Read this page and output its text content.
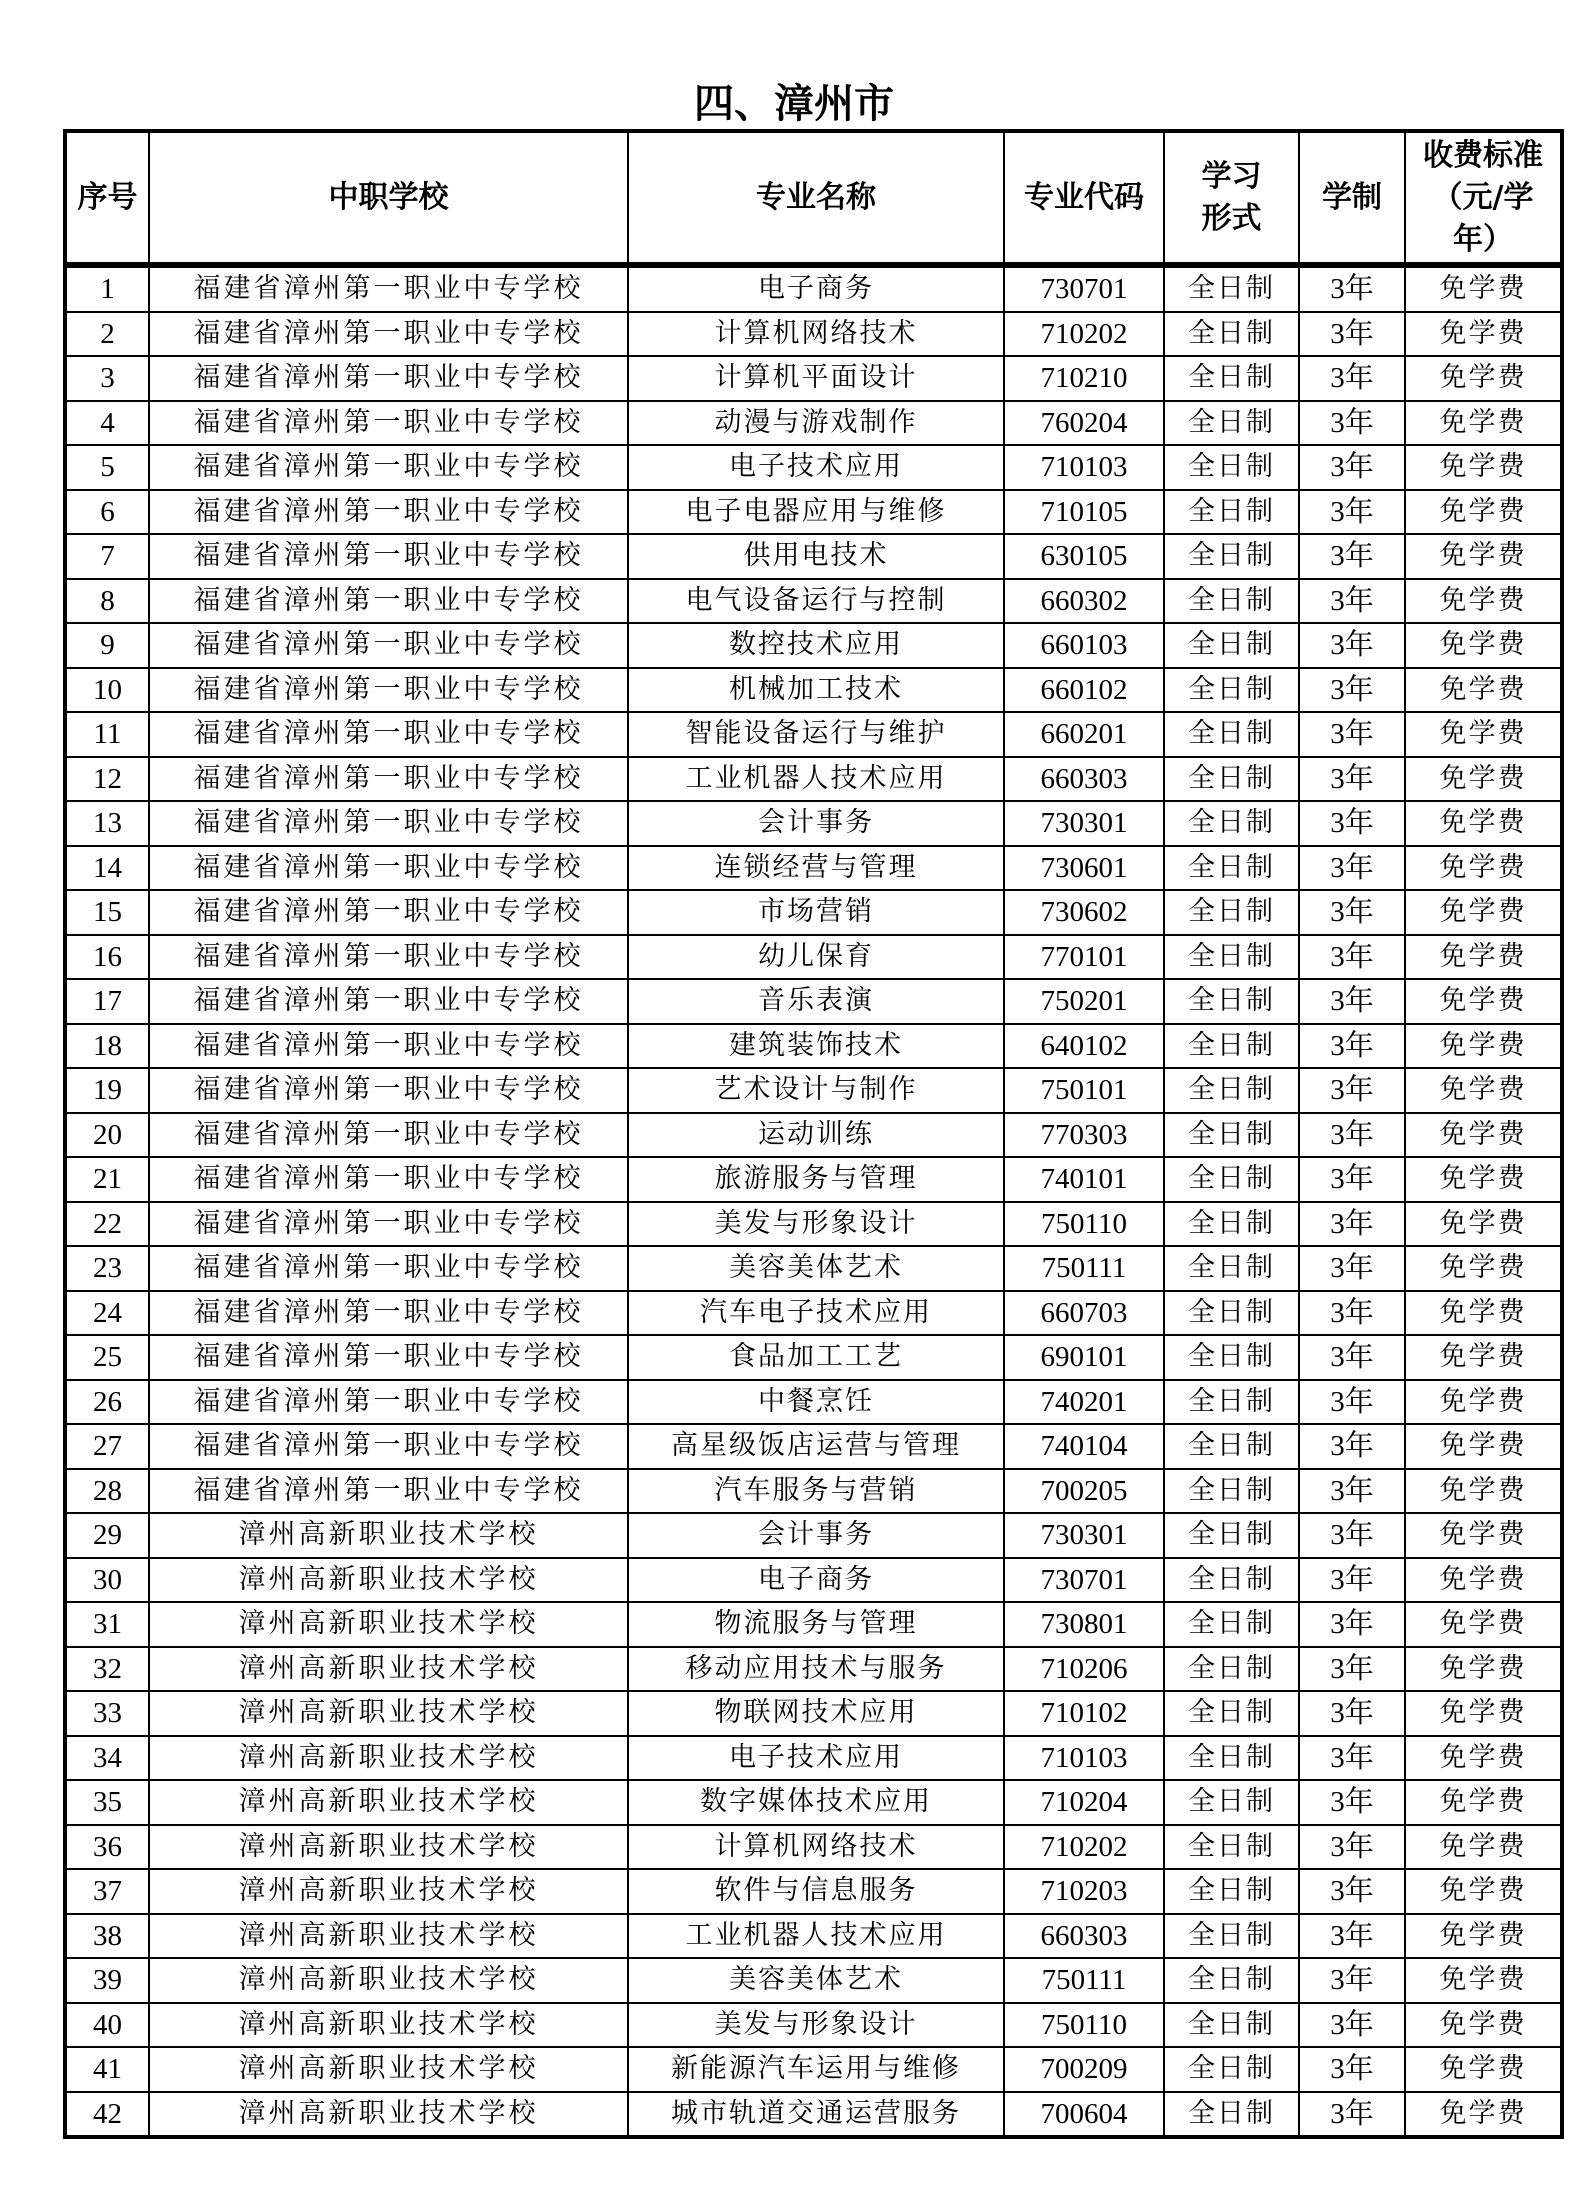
四、漳州市
序号	中职学校	专业名称	专业代码	学习形式	学制	收费标准（元/学年）
1	福建省漳州第一职业中专学校	电子商务	730701	全日制	3年	免学费
2	福建省漳州第一职业中专学校	计算机网络技术	710202	全日制	3年	免学费
3	福建省漳州第一职业中专学校	计算机平面设计	710210	全日制	3年	免学费
4	福建省漳州第一职业中专学校	动漫与游戏制作	760204	全日制	3年	免学费
5	福建省漳州第一职业中专学校	电子技术应用	710103	全日制	3年	免学费
6	福建省漳州第一职业中专学校	电子电器应用与维修	710105	全日制	3年	免学费
7	福建省漳州第一职业中专学校	供用电技术	630105	全日制	3年	免学费
8	福建省漳州第一职业中专学校	电气设备运行与控制	660302	全日制	3年	免学费
9	福建省漳州第一职业中专学校	数控技术应用	660103	全日制	3年	免学费
10	福建省漳州第一职业中专学校	机械加工技术	660102	全日制	3年	免学费
11	福建省漳州第一职业中专学校	智能设备运行与维护	660201	全日制	3年	免学费
12	福建省漳州第一职业中专学校	工业机器人技术应用	660303	全日制	3年	免学费
13	福建省漳州第一职业中专学校	会计事务	730301	全日制	3年	免学费
14	福建省漳州第一职业中专学校	连锁经营与管理	730601	全日制	3年	免学费
15	福建省漳州第一职业中专学校	市场营销	730602	全日制	3年	免学费
16	福建省漳州第一职业中专学校	幼儿保育	770101	全日制	3年	免学费
17	福建省漳州第一职业中专学校	音乐表演	750201	全日制	3年	免学费
18	福建省漳州第一职业中专学校	建筑装饰技术	640102	全日制	3年	免学费
19	福建省漳州第一职业中专学校	艺术设计与制作	750101	全日制	3年	免学费
20	福建省漳州第一职业中专学校	运动训练	770303	全日制	3年	免学费
21	福建省漳州第一职业中专学校	旅游服务与管理	740101	全日制	3年	免学费
22	福建省漳州第一职业中专学校	美发与形象设计	750110	全日制	3年	免学费
23	福建省漳州第一职业中专学校	美容美体艺术	750111	全日制	3年	免学费
24	福建省漳州第一职业中专学校	汽车电子技术应用	660703	全日制	3年	免学费
25	福建省漳州第一职业中专学校	食品加工工艺	690101	全日制	3年	免学费
26	福建省漳州第一职业中专学校	中餐烹饪	740201	全日制	3年	免学费
27	福建省漳州第一职业中专学校	高星级饭店运营与管理	740104	全日制	3年	免学费
28	福建省漳州第一职业中专学校	汽车服务与营销	700205	全日制	3年	免学费
29	漳州高新职业技术学校	会计事务	730301	全日制	3年	免学费
30	漳州高新职业技术学校	电子商务	730701	全日制	3年	免学费
31	漳州高新职业技术学校	物流服务与管理	730801	全日制	3年	免学费
32	漳州高新职业技术学校	移动应用技术与服务	710206	全日制	3年	免学费
33	漳州高新职业技术学校	物联网技术应用	710102	全日制	3年	免学费
34	漳州高新职业技术学校	电子技术应用	710103	全日制	3年	免学费
35	漳州高新职业技术学校	数字媒体技术应用	710204	全日制	3年	免学费
36	漳州高新职业技术学校	计算机网络技术	710202	全日制	3年	免学费
37	漳州高新职业技术学校	软件与信息服务	710203	全日制	3年	免学费
38	漳州高新职业技术学校	工业机器人技术应用	660303	全日制	3年	免学费
39	漳州高新职业技术学校	美容美体艺术	750111	全日制	3年	免学费
40	漳州高新职业技术学校	美发与形象设计	750110	全日制	3年	免学费
41	漳州高新职业技术学校	新能源汽车运用与维修	700209	全日制	3年	免学费
42	漳州高新职业技术学校	城市轨道交通运营服务	700604	全日制	3年	免学费
